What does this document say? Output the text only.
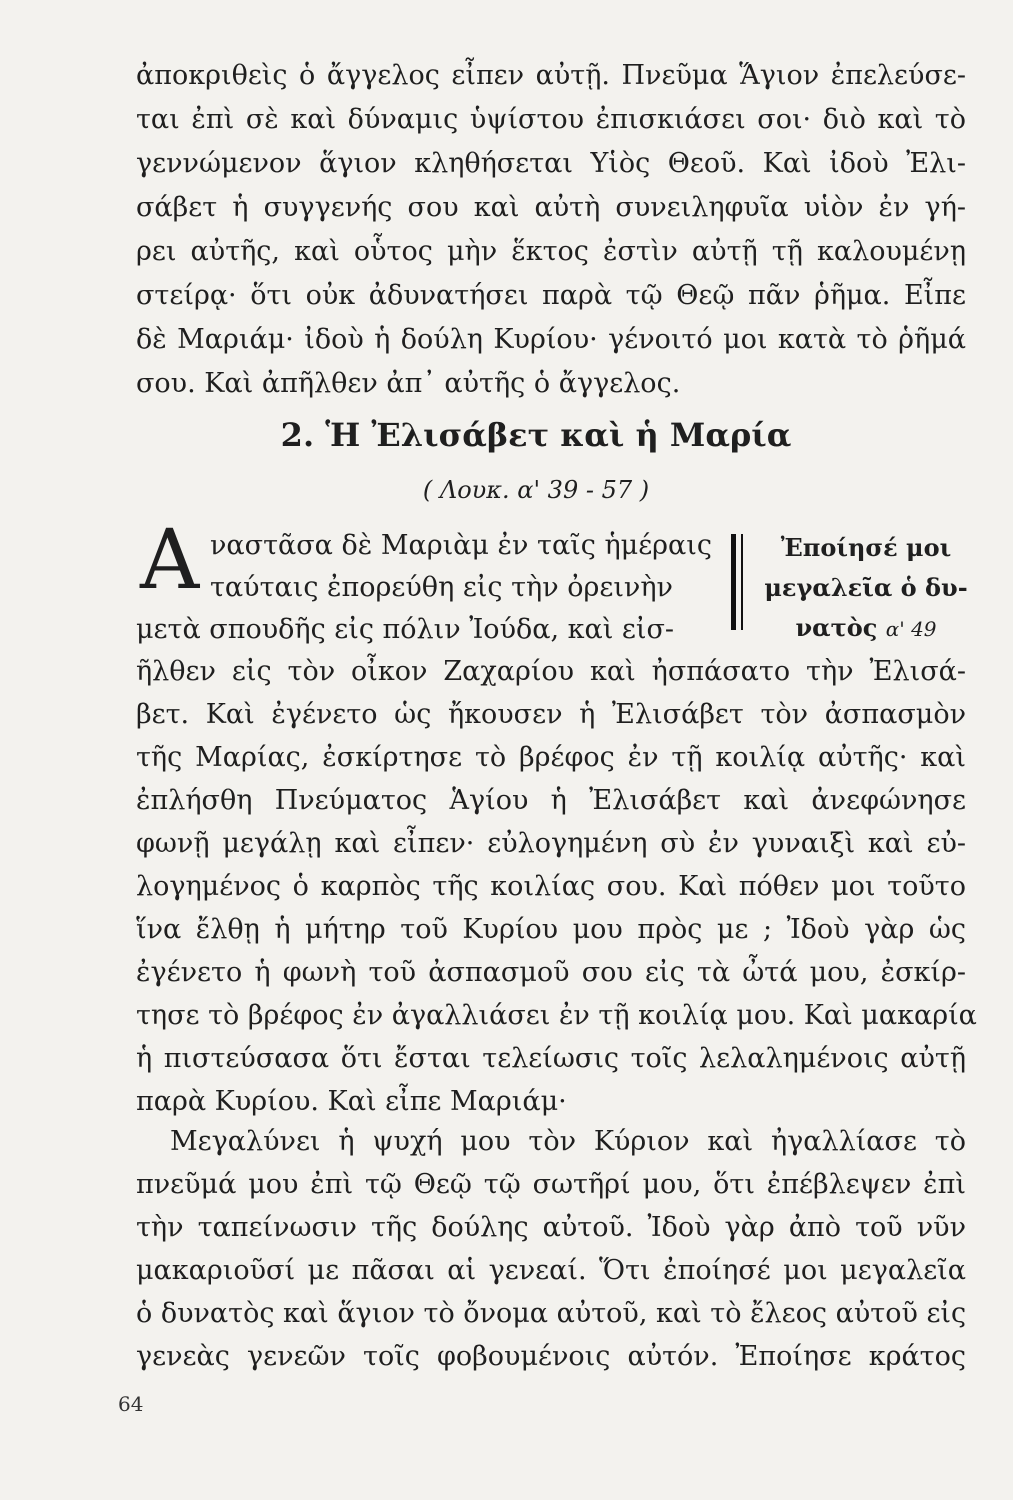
ἀποκριθεὶς ὁ ἄγγελος εἶπεν αὐτῇ. Πνεῦμα Ἅγιον ἐπελεύσε-
ται ἐπὶ σὲ καὶ δύναμις ὑψίστου ἐπισκιάσει σοι· διὸ καὶ τὸ
γεννώμενον ἅγιον κληθήσεται Υἱὸς Θεοῦ. Καὶ ἰδοὺ Ἐλι-
σάβετ ἡ συγγενής σου καὶ αὐτὴ συνειληφυῖα υἱὸν ἐν γή-
ρει αὐτῆς, καὶ οὗτος μὴν ἕκτος ἐστὶν αὐτῇ τῇ καλουμένῃ
στείρᾳ· ὅτι οὐκ ἀδυνατήσει παρὰ τῷ Θεῷ πᾶν ῥῆμα. Εἶπε
δὲ Μαριάμ· ἰδοὺ ἡ δούλη Κυρίου· γένοιτό μοι κατὰ τὸ ῥῆμά
σου. Καὶ ἀπῆλθεν ἀπ᾽ αὐτῆς ὁ ἄγγελος.
2. Ἡ Ἐλισάβετ καὶ ἡ Μαρία
( Λουκ. α' 39 - 57 )
Α ναστᾶσα δὲ Μαριὰμ ἐν ταῖς ἡμέραις
ταύταις ἐπορεύθη εἰς τὴν ὀρεινὴν
μετὰ σπουδῆς εἰς πόλιν Ἰούδα, καὶ εἰσ-
Ἐποίησέ μοι
μεγαλεῖα ὁ δυ-
νατὸς α' 49
ῆλθεν εἰς τὸν οἶκον Ζαχαρίου καὶ ἠσπάσατο τὴν Ἐλισά-
βετ. Καὶ ἐγένετο ὡς ἤκουσεν ἡ Ἐλισάβετ τὸν ἀσπασμὸν
τῆς Μαρίας, ἐσκίρτησε τὸ βρέφος ἐν τῇ κοιλίᾳ αὐτῆς· καὶ
ἐπλήσθη Πνεύματος Ἁγίου ἡ Ἐλισάβετ καὶ ἀνεφώνησε
φωνῇ μεγάλῃ καὶ εἶπεν· εὐλογημένη σὺ ἐν γυναιξὶ καὶ εὐ-
λογημένος ὁ καρπὸς τῆς κοιλίας σου. Καὶ πόθεν μοι τοῦτο
ἵνα ἔλθῃ ἡ μήτηρ τοῦ Κυρίου μου πρὸς με ; Ἰδοὺ γὰρ ὡς
ἐγένετο ἡ φωνὴ τοῦ ἀσπασμοῦ σου εἰς τὰ ὦτά μου, ἐσκίρ-
τησε τὸ βρέφος ἐν ἀγαλλιάσει ἐν τῇ κοιλίᾳ μου. Καὶ μακαρία
ἡ πιστεύσασα ὅτι ἔσται τελείωσις τοῖς λελαλημένοις αὐτῇ
παρὰ Κυρίου. Καὶ εἶπε Μαριάμ·
Μεγαλύνει ἡ ψυχή μου τὸν Κύριον καὶ ἠγαλλίασε τὸ
πνεῦμά μου ἐπὶ τῷ Θεῷ τῷ σωτῆρί μου, ὅτι ἐπέβλεψεν ἐπὶ
τὴν ταπείνωσιν τῆς δούλης αὐτοῦ. Ἰδοὺ γὰρ ἀπὸ τοῦ νῦν
μακαριοῦσί με πᾶσαι αἱ γενεαί. Ὅτι ἐποίησέ μοι μεγαλεῖα
ὁ δυνατὸς καὶ ἅγιον τὸ ὄνομα αὐτοῦ, καὶ τὸ ἔλεος αὐτοῦ εἰς
γενεὰς γενεῶν τοῖς φοβουμένοις αὐτόν. Ἐποίησε κράτος
64
